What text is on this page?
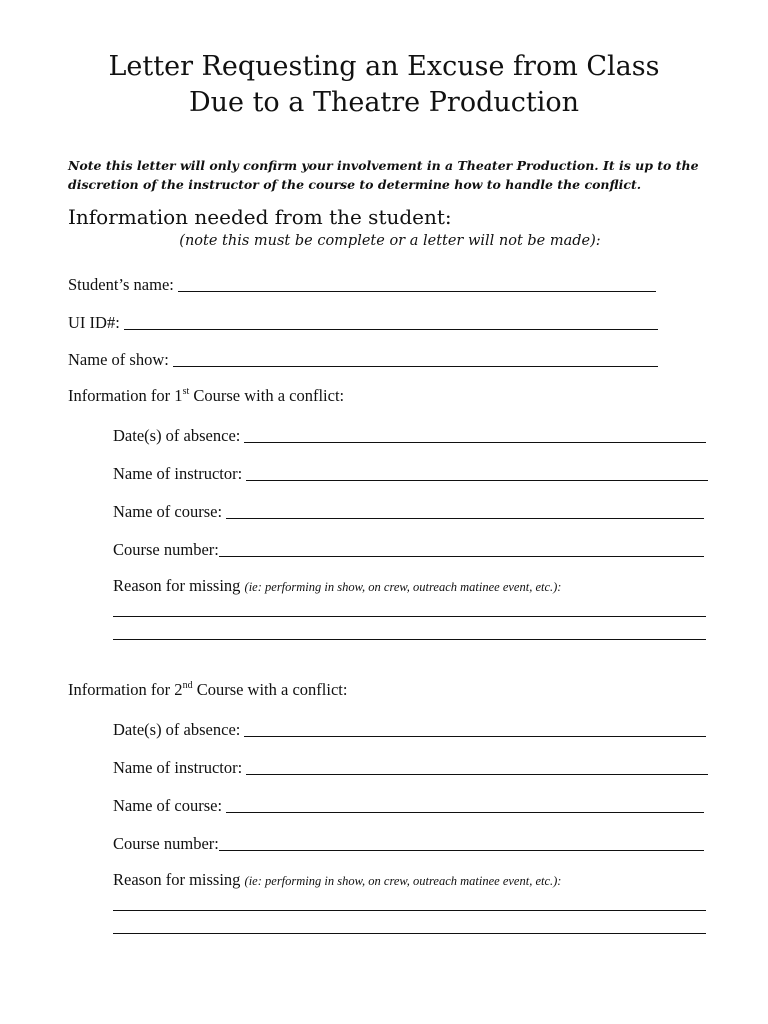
Letter Requesting an Excuse from Class
Due to a Theatre Production
Note this letter will only confirm your involvement in a Theater Production. It is up to the
discretion of the instructor of the course to determine how to handle the conflict.
Information needed from the student:
(note this must be complete or a letter will not be made):
Student’s name:
UI ID#:
Name of show:
Information for 1st Course with a conflict:
Date(s) of absence:
Name of instructor:
Name of course:
Course number:
Reason for missing (ie: performing in show, on crew, outreach matinee event, etc.):
Information for 2nd Course with a conflict:
Date(s) of absence:
Name of instructor:
Name of course:
Course number:
Reason for missing (ie: performing in show, on crew, outreach matinee event, etc.):
